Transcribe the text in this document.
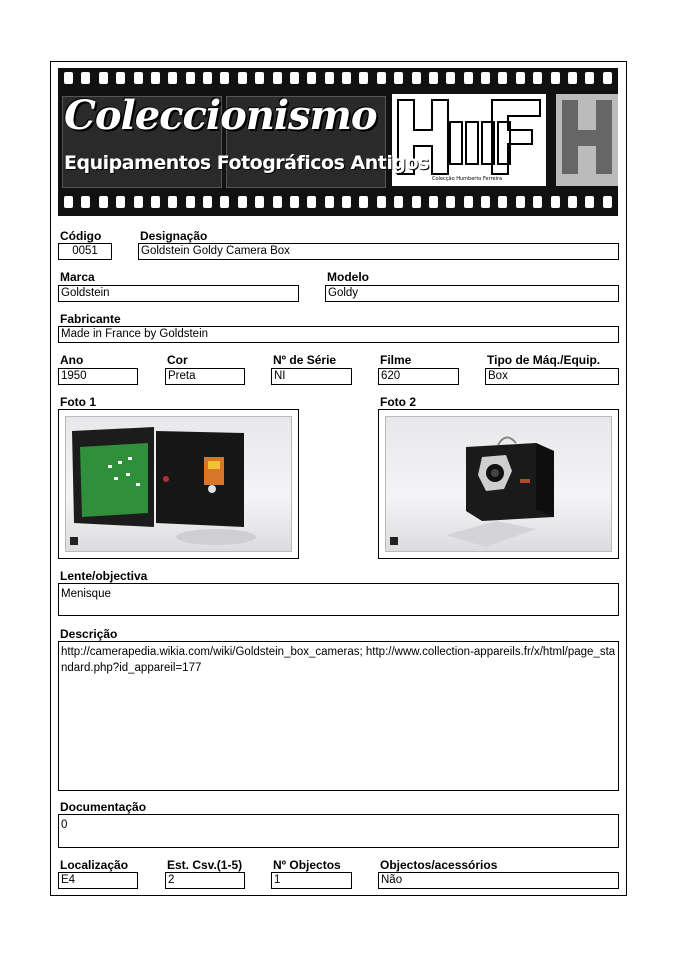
Colecção Humberto Ferreira
Coleccionismo
Equipamentos Fotográficos Antigos
Código
0051
Designação
Goldstein Goldy Camera Box
Marca
Goldstein
Modelo
Goldy
Fabricante
Made in France by Goldstein
Ano
1950
Cor
Preta
Nº de Série
NI
Filme
620
Tipo de Máq./Equip.
Box
Foto 1	Foto 2
Lente/objectiva
Menisque
Descrição
http://camerapedia.wikia.com/wiki/Goldstein_box_cameras; http://www.collection-appareils.fr/x/html/page_standard.php?id_appareil=177
Documentação
0
Localização
E4
Est. Csv.(1-5)
2
Nº Objectos
1
Objectos/acessórios
Não
